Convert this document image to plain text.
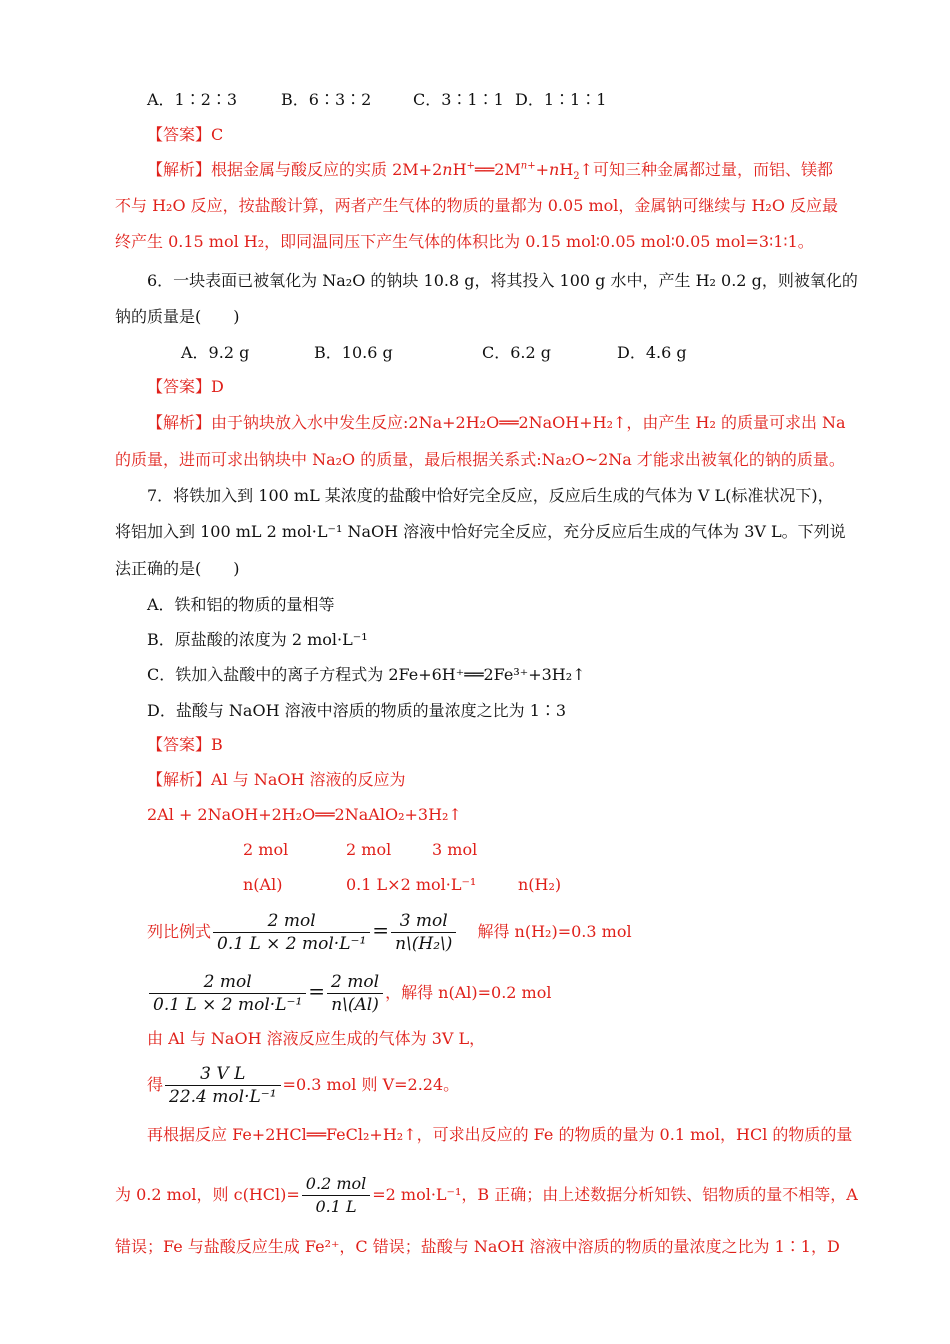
A．1∶2∶3	B．6∶3∶2	C．3∶1∶1 D．1∶1∶1
【答案】C
【解析】根据金属与酸反应的实质 $2M+2nH^+══2M^{n+}+nH_2↑$可知三种金属都过量，而铝、镁都
不与 H₂O 反应，按盐酸计算，两者产生气体的物质的量都为 0.05 mol，金属钠可继续与 H₂O 反应最
终产生 0.15 mol H₂，即同温同压下产生气体的体积比为 0.15 mol∶0.05 mol∶0.05 mol=3∶1∶1。
6．一块表面已被氧化为 Na₂O 的钠块 10.8 g，将其投入 100 g 水中，产生 H₂ 0.2 g，则被氧化的
钠的质量是(　　)
A．9.2 g	B．10.6 g	C．6.2 g	D．4.6 g
【答案】D
【解析】由于钠块放入水中发生反应:2Na+2H₂O══2NaOH+H₂↑，由产生 H₂ 的质量可求出 Na
的质量，进而可求出钠块中 Na₂O 的质量，最后根据关系式:Na₂O~2Na 才能求出被氧化的钠的质量。
7．将铁加入到 100 mL 某浓度的盐酸中恰好完全反应，反应后生成的气体为 V L(标准状况下)，
将铝加入到 100 mL 2 mol·L⁻¹ NaOH 溶液中恰好完全反应，充分反应后生成的气体为 3V L。下列说
法正确的是(　　)
A．铁和铝的物质的量相等
B．原盐酸的浓度为 2 mol·L⁻¹
C．铁加入盐酸中的离子方程式为 2Fe+6H⁺══2Fe³⁺+3H₂↑
D．盐酸与 NaOH 溶液中溶质的物质的量浓度之比为 1∶3
【答案】B
【解析】Al 与 NaOH 溶液的反应为
2Al + 2NaOH+2H₂O══2NaAlO₂+3H₂↑
2 mol	2 mol	3 mol
n(Al)	0.1 L×2 mol·L⁻¹	n(H₂)
列比例式 $\frac{\text{2 mol}}{\text{0.1 L × 2 mol·L⁻¹}} = \frac{\text{3 mol}}{\text{n\textbackslash{}(H₂\textbackslash{})}}$ 解得 n(H₂)=0.3 mol
$\frac{\text{2 mol}}{\text{0.1 L × 2 mol·L⁻¹}} = \frac{\text{2 mol}}{n\backslash(Al)}$ ，解得 n(Al)=0.2 mol
由 Al 与 NaOH 溶液反应生成的气体为 3V L，
得 $\frac{\text{3 V L}}{\text{22.4 mol·L⁻¹}} =0.3$ mol 则 V=2.24。
再根据反应 Fe+2HCl══FeCl₂+H₂↑，可求出反应的 Fe 的物质的量为 0.1 mol，HCl 的物质的量
为 0.2 mol，则 $c(HCl)= \frac{\text{0.2 mol}}{0.1 L} =2$ mol·L⁻¹，B 正确；由上述数据分析知铁、铝物质的量不相等，A
错误；Fe 与盐酸反应生成 Fe²⁺，C 错误；盐酸与 NaOH 溶液中溶质的物质的量浓度之比为 1∶1，D
